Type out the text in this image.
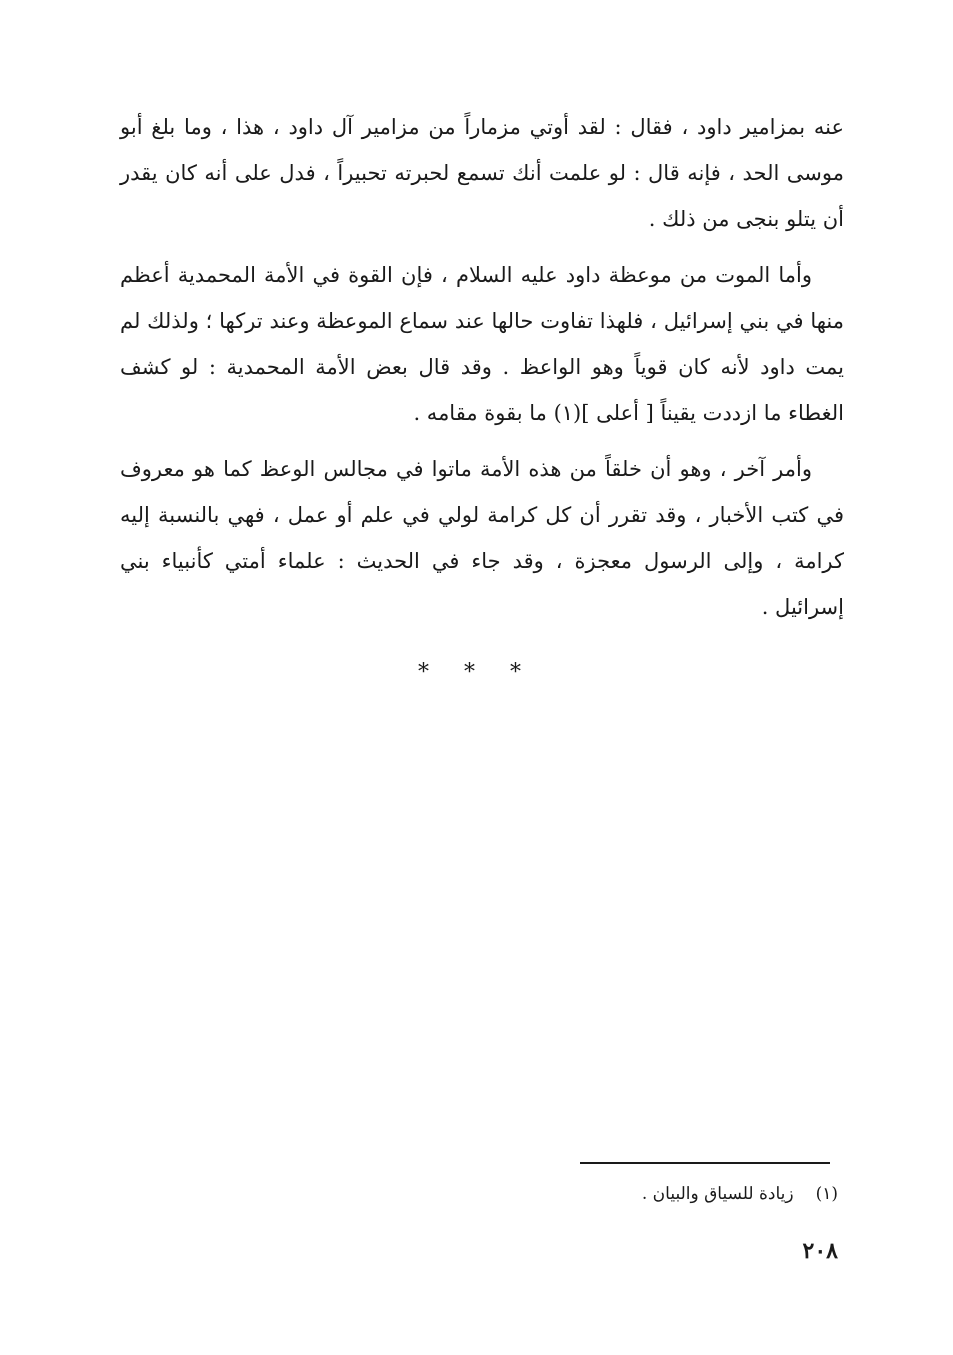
عنه بمزامير داود ، فقال : لقد أوتي مزماراً من مزامير آل داود ، هذا ، وما بلغ أبو موسى الحد ، فإنه قال : لو علمت أنك تسمع لحبرته تحبيراً ، فدل على أنه كان يقدر أن يتلو بنجى من ذلك .

وأما الموت من موعظة داود عليه السلام ، فإن القوة في الأمة المحمدية أعظم منها في بني إسرائيل ، فلهذا تفاوت حالها عند سماع الموعظة وعند تركها ؛ ولذلك لم يمت داود لأنه كان قوياً وهو الواعظ . وقد قال بعض الأمة المحمدية : لو كشف الغطاء ما ازددت يقيناً [ أعلى ](١) ما بقوة مقامه .

وأمر آخر ، وهو أن خلقاً من هذه الأمة ماتوا في مجالس الوعظ كما هو معروف في كتب الأخبار ، وقد تقرر أن كل كرامة لولي في علم أو عمل ، فهي بالنسبة إليه كرامة ، وإلى الرسول معجزة ، وقد جاء في الحديث : علماء أمتي كأنبياء بني إسرائيل .

* * *
(١)زيادة للسياق والبيان .
٢٠٨
